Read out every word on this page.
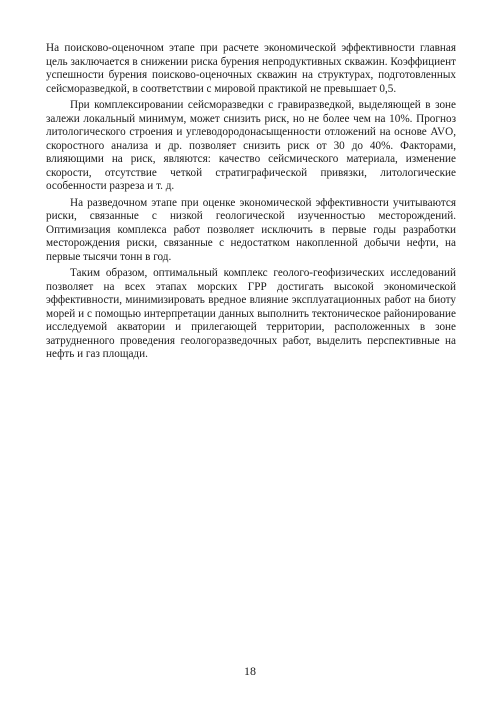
На поисково-оценочном этапе при расчете экономической эффективности главная цель заключается в снижении риска бурения непродуктивных скважин. Коэффициент успешности бурения поисково-оценочных скважин на структурах, подготовленных сейсморазведкой, в соответствии с мировой практикой не превышает 0,5.

При комплексировании сейсморазведки с гравиразведкой, выделяющей в зоне залежи локальный минимум, может снизить риск, но не более чем на 10%. Прогноз литологического строения и углеводородонасыщенности отложений на основе AVO, скоростного анализа и др. позволяет снизить риск от 30 до 40%. Факторами, влияющими на риск, являются: качество сейсмического материала, изменение скорости, отсутствие четкой стратиграфической привязки, литологические особенности разреза и т. д.

На разведочном этапе при оценке экономической эффективности учитываются риски, связанные с низкой геологической изученностью месторождений. Оптимизация комплекса работ позволяет исключить в первые годы разработки месторождения риски, связанные с недостатком накопленной добычи нефти, на первые тысячи тонн в год.

Таким образом, оптимальный комплекс геолого-геофизических исследований позволяет на всех этапах морских ГРР достигать высокой экономической эффективности, минимизировать вредное влияние эксплуатационных работ на биоту морей и с помощью интерпретации данных выполнить тектоническое районирование исследуемой акватории и прилегающей территории, расположенных в зоне затрудненного проведения геологоразведочных работ, выделить перспективные на нефть и газ площади.

18
